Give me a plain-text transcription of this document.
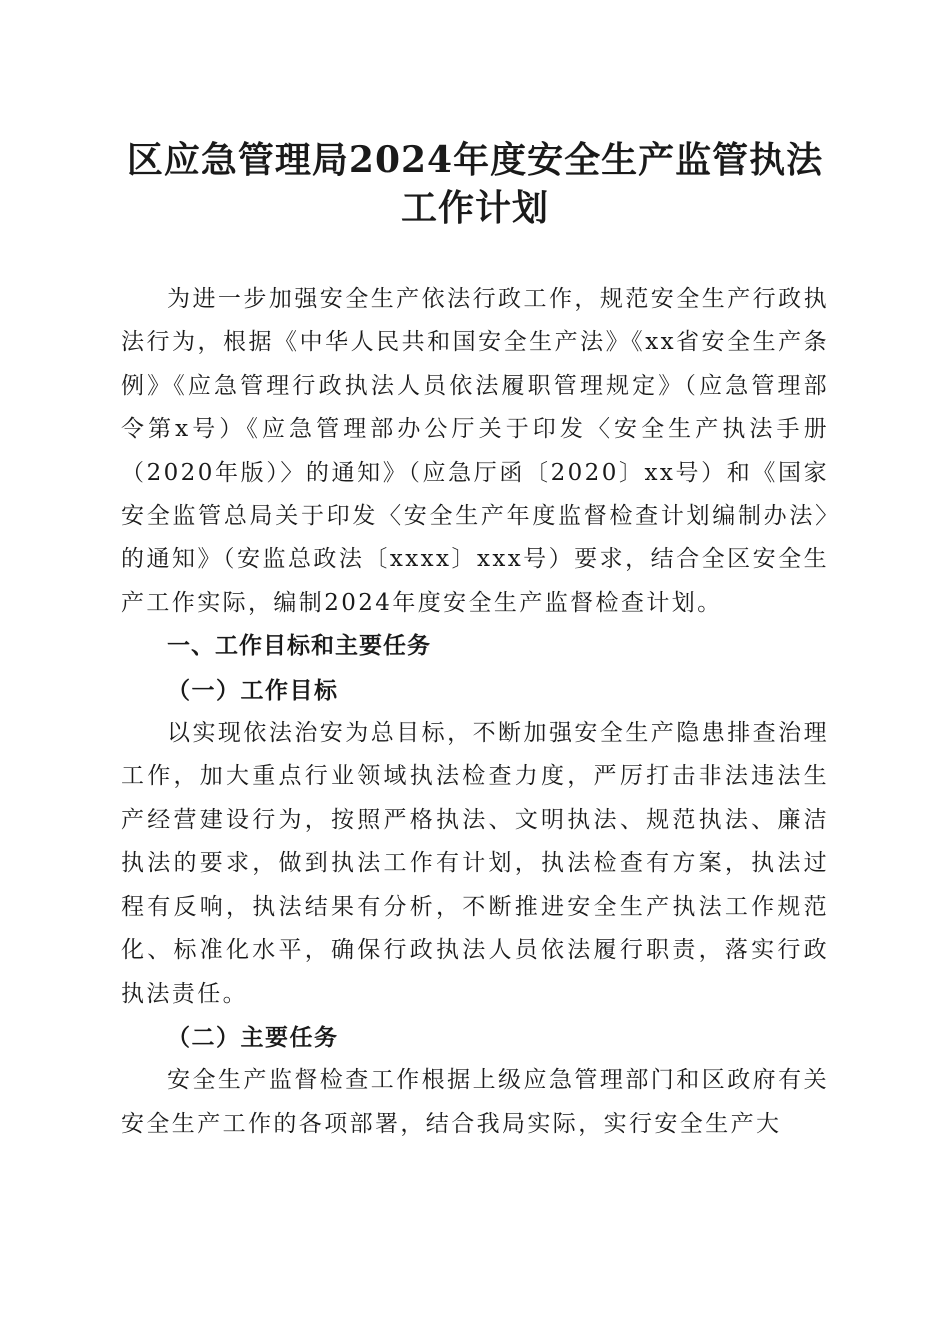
区应急管理局2024年度安全生产监管执法工作计划

为进一步加强安全生产依法行政工作，规范安全生产行政执法行为，根据《中华人民共和国安全生产法》《xx省安全生产条例》《应急管理行政执法人员依法履职管理规定》（应急管理部令第x号）《应急管理部办公厅关于印发〈安全生产执法手册（2020年版）〉的通知》（应急厅函〔2020〕xx号）和《国家安全监管总局关于印发〈安全生产年度监督检查计划编制办法〉的通知》（安监总政法〔xxxx〕xxx号）要求，结合全区安全生产工作实际，编制2024年度安全生产监督检查计划。

一、工作目标和主要任务

（一）工作目标

以实现依法治安为总目标，不断加强安全生产隐患排查治理工作，加大重点行业领域执法检查力度，严厉打击非法违法生产经营建设行为，按照严格执法、文明执法、规范执法、廉洁执法的要求，做到执法工作有计划，执法检查有方案，执法过程有反响，执法结果有分析，不断推进安全生产执法工作规范化、标准化水平，确保行政执法人员依法履行职责，落实行政执法责任。

（二）主要任务

安全生产监督检查工作根据上级应急管理部门和区政府有关安全生产工作的各项部署，结合我局实际，实行安全生产大
